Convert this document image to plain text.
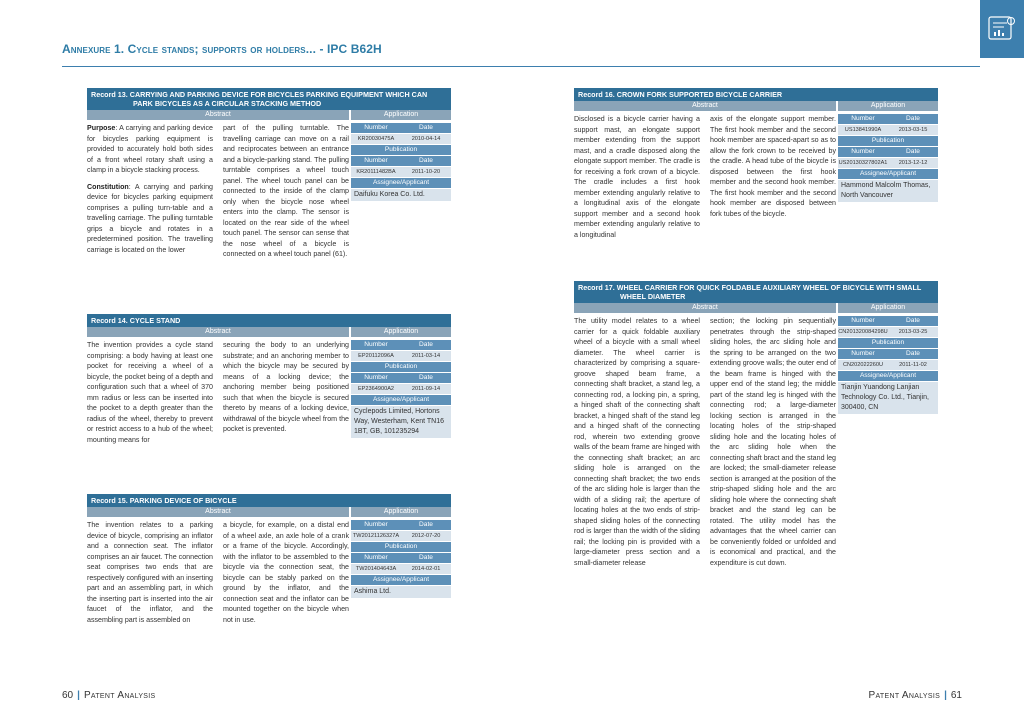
Annexure 1. Cycle stands; supports or holders... - IPC B62H
Record 13. CARRYING AND PARKING DEVICE FOR BICYCLES PARKING EQUIPMENT WHICH CAN
PARK BICYCLES AS A CIRCULAR STACKING METHOD
Abstract	Application

Purpose: A carrying and parking device for bicycles parking equipment is provided to accurately hold both sides of a front wheel rotary shaft using a clamp in a bicycle stacking process.

Constitution: A carrying and parking device for bicycles parking equipment comprises a pulling turn-table and a travelling carriage. The pulling turntable grips a bicycle and rotates in a predetermined position. The travelling carriage is located on the lower

part of the pulling turntable. The travelling carriage can move on a rail and reciprocates between an entrance and a bicycle-parking stand. The pulling turntable comprises a wheel touch panel. The wheel touch panel can be connected to the inside of the clamp only when the bicycle nose wheel enters into the clamp. The sensor is located on the rear side of the wheel touch panel. The sensor can sense that the nose wheel of a bicycle is connected on a wheel touch panel (61).
Number	Date
KR20030475A	2010-04-14
Publication
Number	Date
KR20111482BA	2011-10-20
Assignee/Applicant
Daifuku Korea Co. Ltd.
Record 14. CYCLE STAND
Abstract	Application
The invention provides a cycle stand comprising: a body having at least one pocket for receiving a wheel of a bicycle, the pocket being of a depth and configuration such that a wheel of 370 mm radius or less can be inserted into the pocket to a depth greater than the radius of the wheel, thereby to prevent or restrict access to a hub of the wheel; mounting means for
securing the body to an underlying substrate; and an anchoring member to which the bicycle may be secured by means of a locking device; the anchoring member being positioned such that when the bicycle is secured thereto by means of a locking device, withdrawal of the bicycle wheel from the pocket is prevented.
Number	Date
EP20112096A	2011-03-14
Publication
Number	Date
EP2364900A2	2011-09-14
Assignee/Applicant
Cyclepods Limited, Hortons Way, Westerham, Kent TN16 1BT, GB, 101235294
Record 15. PARKING DEVICE OF BICYCLE
Abstract	Application
The invention relates to a parking device of bicycle, comprising an inflator and a connection seat. The inflator comprises an air faucet. The connection seat comprises two ends that are respectively configured with an inserting part and an assembling part, in which the inserting part is inserted into the air faucet of the inflator, and the assembling part is assembled on
a bicycle, for example, on a distal end of a wheel axle, an axle hole of a crank or a frame of the bicycle. Accordingly, with the inflator to be assembled to the bicycle via the connection seat, the bicycle can be stably parked on the ground by the inflator, and the connection seat and the inflator can be mounted together on the bicycle when not in use.
Number	Date
TW20121126327A	2012-07-20
Publication
Number	Date
TW201404643A	2014-02-01
Assignee/Applicant
Ashima Ltd.
Record 16. CROWN FORK SUPPORTED BICYCLE CARRIER
Abstract	Application
Disclosed is a bicycle carrier having a support mast, an elongate support member extending from the support mast, and a cradle disposed along the elongate support member. The cradle is for receiving a fork crown of a bicycle. The cradle includes a first hook member extending angularly relative to a longitudinal axis of the elongate support member and a second hook member extending angularly relative to a longitudinal
axis of the elongate support member. The first hook member and the second hook member are spaced-apart so as to allow the fork crown to be received by the cradle. A head tube of the bicycle is disposed between the first hook member and the second hook member. The first hook member and the second hook member are disposed between fork tubes of the bicycle.
Number	Date
US13841990A	2013-03-15
Publication
Number	Date
US20130327802A1	2013-12-12
Assignee/Applicant
Hammond Malcolm Thomas, North Vancouver
Record 17. WHEEL CARRIER FOR QUICK FOLDABLE AUXILIARY WHEEL OF BICYCLE WITH SMALL
WHEEL DIAMETER
Abstract	Application
The utility model relates to a wheel carrier for a quick foldable auxiliary wheel of a bicycle with a small wheel diameter. The wheel carrier is characterized by comprising a square-groove shaped beam frame, a connecting shaft bracket, a stand leg, a connecting rod, a locking pin, a spring, a hinged shaft of the connecting shaft bracket, a hinged shaft of the stand leg and a hinged shaft of the connecting rod, wherein two extending groove walls of the beam frame are hinged with the connecting shaft bracket; an arc sliding hole is arranged on the connecting shaft bracket; the two ends of the arc sliding hole is larger than the width of a sliding rail; the aperture of locating holes at the two ends of strip-shaped sliding holes of the connecting rod is larger than the width of the sliding rail; the locking pin is provided with a large-diameter press section and a small-diameter release
section; the locking pin sequentially penetrates through the strip-shaped sliding holes, the arc sliding hole and the spring to be arranged on the two extending groove walls; the outer end of the beam frame is hinged with the upper end of the stand leg; the middle part of the stand leg is hinged with the connecting rod; a large-diameter locking section is arranged in the locating holes of the strip-shaped sliding hole and the locating holes of the arc sliding hole when the connecting shaft bract and the stand leg are locked; the small-diameter release section is arranged at the position of the strip-shaped sliding hole and the arc sliding hole where the connecting shaft bracket and the stand leg can be rotated. The utility model has the advantages that the wheel carrier can be conveniently folded or unfolded and is economical and practical, and the expenditure is cut down.
Number	Date
CN201320084298U	2013-03-25
Publication
Number	Date
CN202022260U	2011-11-02
Assignee/Applicant
Tianjin Yuandong Lanjian Technology Co. Ltd., Tianjin, 300400, CN
60 | Patent Analysis	Patent Analysis | 61
